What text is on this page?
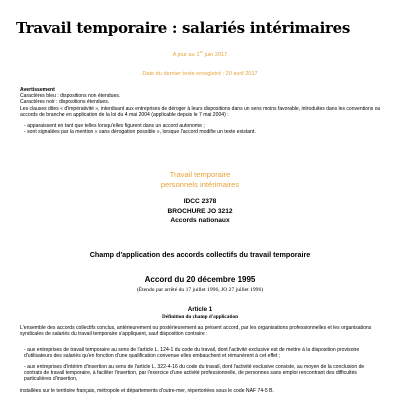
Travail temporaire : salariés intérimaires
A jour au 1er juin 2017
Date du dernier texte enregistré : 20 avril 2017
Avertissement
Caractères bleu : dispositions non étendues.
Caractères noir : dispositions étendues.
Les clauses dites « d'impérativité », interdisant aux entreprises de déroger à leurs dispositions dans un sens moins favorable, introduites dans les conventions ou
accords de branche en application de la loi du 4 mai 2004 (applicable depuis le 7 mai 2004) :
- apparaissent en tant que telles lorsqu'elles figurent dans un accord autonome ;
- sont signalées par la mention « sans dérogation possible », lorsque l'accord modifie un texte existant.
Travail temporaire
personnels intérimaires
IDCC 2378
BROCHURE JO 3212
Accords nationaux
Champ d'application des accords collectifs du travail temporaire
Accord du 20 décembre 1995
(Étendu par arrêté du 17 juillet 1996, JO 27 juillet 1996)
Article 1
Définition du champ d'application
L'ensemble des accords collectifs conclus, antérieurement ou postérieurement au présent accord, par les organisations professionnelles et les organisations
syndicales de salariés du travail temporaire s'appliquent, sauf disposition contraire :
- aux entreprises de travail temporaire au sens de l'article L. 124-1 du code du travail, dont l'activité exclusive est de mettre à la disposition provisoire
d'utilisateurs des salariés qu'en fonction d'une qualification convenue elles embauchent et rémunèrent à cet effet ;
- aux entreprises d'intérim d'insertion au sens de l'article L. 322-4-16 du code du travail, dont l'activité exclusive consiste, au moyen de la conclusion de
contrats de travail temporaire, à faciliter l'insertion, par l'exercice d'une activité professionnelle, de personnes sans emploi rencontrant des difficultés
particulières d'insertion,
installées sur le territoire français, métropole et départements d'outre-mer, répertoriées sous le code NAF 74-5 B.
